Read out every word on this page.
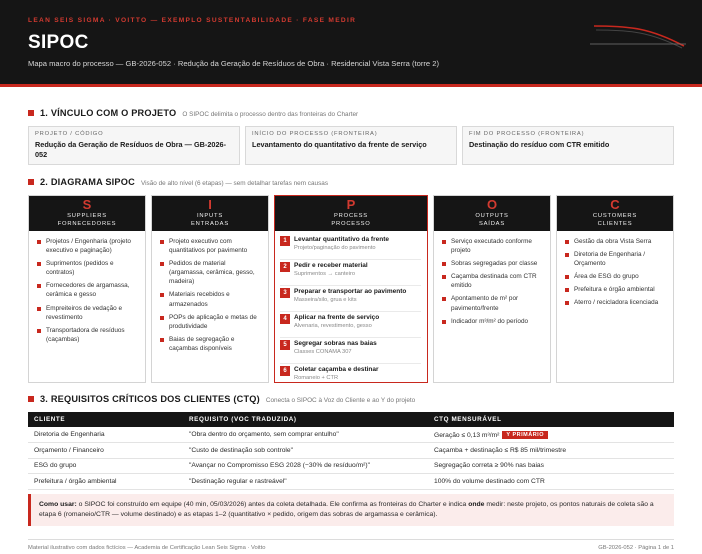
LEAN SEIS SIGMA · VOITTO — EXEMPLO SUSTENTABILIDADE · FASE MEDIR
SIPOC
Mapa macro do processo — GB-2026-052 · Redução da Geração de Resíduos de Obra · Residencial Vista Serra (torre 2)
1. VÍNCULO COM O PROJETO O SIPOC delimita o processo dentro das fronteiras do Charter
PROJETO / CÓDIGO
Redução da Geração de Resíduos de Obra — GB-2026-052
INÍCIO DO PROCESSO (FRONTEIRA)
Levantamento do quantitativo da frente de serviço
FIM DO PROCESSO (FRONTEIRA)
Destinação do resíduo com CTR emitido
2. DIAGRAMA SIPOC Visão de alto nível (6 etapas) — sem detalhar tarefas nem causas
S
SUPPLIERS
FORNECEDORES
Projetos / Engenharia (projeto executivo e paginação)
Suprimentos (pedidos e contratos)
Fornecedores de argamassa, cerâmica e gesso
Empreiteiros de vedação e revestimento
Transportadora de resíduos (caçambas)
I
INPUTS
ENTRADAS
Projeto executivo com quantitativos por pavimento
Pedidos de material (argamassa, cerâmica, gesso, madeira)
Materiais recebidos e armazenados
POPs de aplicação e metas de produtividade
Baias de segregação e caçambas disponíveis
P
PROCESS
PROCESSO
1	Levantar quantitativo da frente
Projeto/paginação do pavimento
2	Pedir e receber material
Suprimentos → canteiro
3	Preparar e transportar ao pavimento
Masseira/silo, grua e kits
4	Aplicar na frente de serviço
Alvenaria, revestimento, gesso
5	Segregar sobras nas baias
Classes CONAMA 307
6	Coletar caçamba e destinar
Romaneio + CTR
O
OUTPUTS
SAÍDAS
Serviço executado conforme projeto
Sobras segregadas por classe
Caçamba destinada com CTR emitido
Apontamento de m² por pavimento/frente
Indicador m³/m² do período
C
CUSTOMERS
CLIENTES
Gestão da obra Vista Serra
Diretoria de Engenharia / Orçamento
Área de ESG do grupo
Prefeitura e órgão ambiental
Aterro / recicladora licenciada
3. REQUISITOS CRÍTICOS DOS CLIENTES (CTQ) Conecta o SIPOC à Voz do Cliente e ao Y do projeto
CLIENTE	REQUISITO (VOC TRADUZIDA)	CTQ MENSURÁVEL
Diretoria de Engenharia	"Obra dentro do orçamento, sem comprar entulho"	Geração ≤ 0,13 m³/m² Y PRIMÁRIO
Orçamento / Financeiro	"Custo de destinação sob controle"	Caçamba + destinação ≤ R$ 85 mil/trimestre
ESG do grupo	"Avançar no Compromisso ESG 2028 (−30% de resíduo/m²)"	Segregação correta ≥ 90% nas baias
Prefeitura / órgão ambiental	"Destinação regular e rastreável"	100% do volume destinado com CTR
Como usar: o SIPOC foi construído em equipe (40 min, 05/03/2026) antes da coleta detalhada. Ele confirma as fronteiras do Charter e indica onde medir: neste projeto, os pontos naturais de coleta são a etapa 6 (romaneio/CTR — volume destinado) e as etapas 1–2 (quantitativo × pedido, origem das sobras de argamassa e cerâmica).
Material ilustrativo com dados fictícios — Academia de Certificação Lean Seis Sigma · Voitto	GB-2026-052 · Página 1 de 1
